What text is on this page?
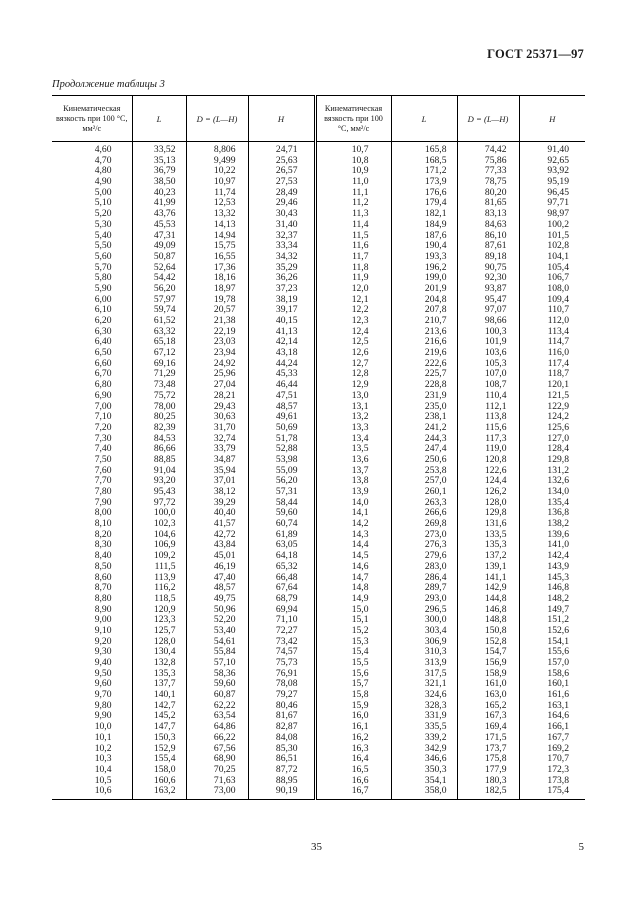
ГОСТ 25371—97
Продолжение таблицы 3
Кинематическая вязкость при 100 °С, мм²/с	L	D = (L—H)	H	Кинематическая вязкость при 100 °С, мм²/с	L	D = (L—H)	H
4,60	33,52	8,806	24,71	10,7	165,8	74,42	91,40
4,70	35,13	9,499	25,63	10,8	168,5	75,86	92,65
4,80	36,79	10,22	26,57	10,9	171,2	77,33	93,92
4,90	38,50	10,97	27,53	11,0	173,9	78,75	95,19
5,00	40,23	11,74	28,49	11,1	176,6	80,20	96,45
5,10	41,99	12,53	29,46	11,2	179,4	81,65	97,71
5,20	43,76	13,32	30,43	11,3	182,1	83,13	98,97
5,30	45,53	14,13	31,40	11,4	184,9	84,63	100,2
5,40	47,31	14,94	32,37	11,5	187,6	86,10	101,5
5,50	49,09	15,75	33,34	11,6	190,4	87,61	102,8
5,60	50,87	16,55	34,32	11,7	193,3	89,18	104,1
5,70	52,64	17,36	35,29	11,8	196,2	90,75	105,4
5,80	54,42	18,16	36,26	11,9	199,0	92,30	106,7
5,90	56,20	18,97	37,23	12,0	201,9	93,87	108,0
6,00	57,97	19,78	38,19	12,1	204,8	95,47	109,4
6,10	59,74	20,57	39,17	12,2	207,8	97,07	110,7
6,20	61,52	21,38	40,15	12,3	210,7	98,66	112,0
6,30	63,32	22,19	41,13	12,4	213,6	100,3	113,4
6,40	65,18	23,03	42,14	12,5	216,6	101,9	114,7
6,50	67,12	23,94	43,18	12,6	219,6	103,6	116,0
6,60	69,16	24,92	44,24	12,7	222,6	105,3	117,4
6,70	71,29	25,96	45,33	12,8	225,7	107,0	118,7
6,80	73,48	27,04	46,44	12,9	228,8	108,7	120,1
6,90	75,72	28,21	47,51	13,0	231,9	110,4	121,5
7,00	78,00	29,43	48,57	13,1	235,0	112,1	122,9
7,10	80,25	30,63	49,61	13,2	238,1	113,8	124,2
7,20	82,39	31,70	50,69	13,3	241,2	115,6	125,6
7,30	84,53	32,74	51,78	13,4	244,3	117,3	127,0
7,40	86,66	33,79	52,88	13,5	247,4	119,0	128,4
7,50	88,85	34,87	53,98	13,6	250,6	120,8	129,8
7,60	91,04	35,94	55,09	13,7	253,8	122,6	131,2
7,70	93,20	37,01	56,20	13,8	257,0	124,4	132,6
7,80	95,43	38,12	57,31	13,9	260,1	126,2	134,0
7,90	97,72	39,29	58,44	14,0	263,3	128,0	135,4
8,00	100,0	40,40	59,60	14,1	266,6	129,8	136,8
8,10	102,3	41,57	60,74	14,2	269,8	131,6	138,2
8,20	104,6	42,72	61,89	14,3	273,0	133,5	139,6
8,30	106,9	43,84	63,05	14,4	276,3	135,3	141,0
8,40	109,2	45,01	64,18	14,5	279,6	137,2	142,4
8,50	111,5	46,19	65,32	14,6	283,0	139,1	143,9
8,60	113,9	47,40	66,48	14,7	286,4	141,1	145,3
8,70	116,2	48,57	67,64	14,8	289,7	142,9	146,8
8,80	118,5	49,75	68,79	14,9	293,0	144,8	148,2
8,90	120,9	50,96	69,94	15,0	296,5	146,8	149,7
9,00	123,3	52,20	71,10	15,1	300,0	148,8	151,2
9,10	125,7	53,40	72,27	15,2	303,4	150,8	152,6
9,20	128,0	54,61	73,42	15,3	306,9	152,8	154,1
9,30	130,4	55,84	74,57	15,4	310,3	154,7	155,6
9,40	132,8	57,10	75,73	15,5	313,9	156,9	157,0
9,50	135,3	58,36	76,91	15,6	317,5	158,9	158,6
9,60	137,7	59,60	78,08	15,7	321,1	161,0	160,1
9,70	140,1	60,87	79,27	15,8	324,6	163,0	161,6
9,80	142,7	62,22	80,46	15,9	328,3	165,2	163,1
9,90	145,2	63,54	81,67	16,0	331,9	167,3	164,6
10,0	147,7	64,86	82,87	16,1	335,5	169,4	166,1
10,1	150,3	66,22	84,08	16,2	339,2	171,5	167,7
10,2	152,9	67,56	85,30	16,3	342,9	173,7	169,2
10,3	155,4	68,90	86,51	16,4	346,6	175,8	170,7
10,4	158,0	70,25	87,72	16,5	350,3	177,9	172,3
10,5	160,6	71,63	88,95	16,6	354,1	180,3	173,8
10,6	163,2	73,00	90,19	16,7	358,0	182,5	175,4
35	5
